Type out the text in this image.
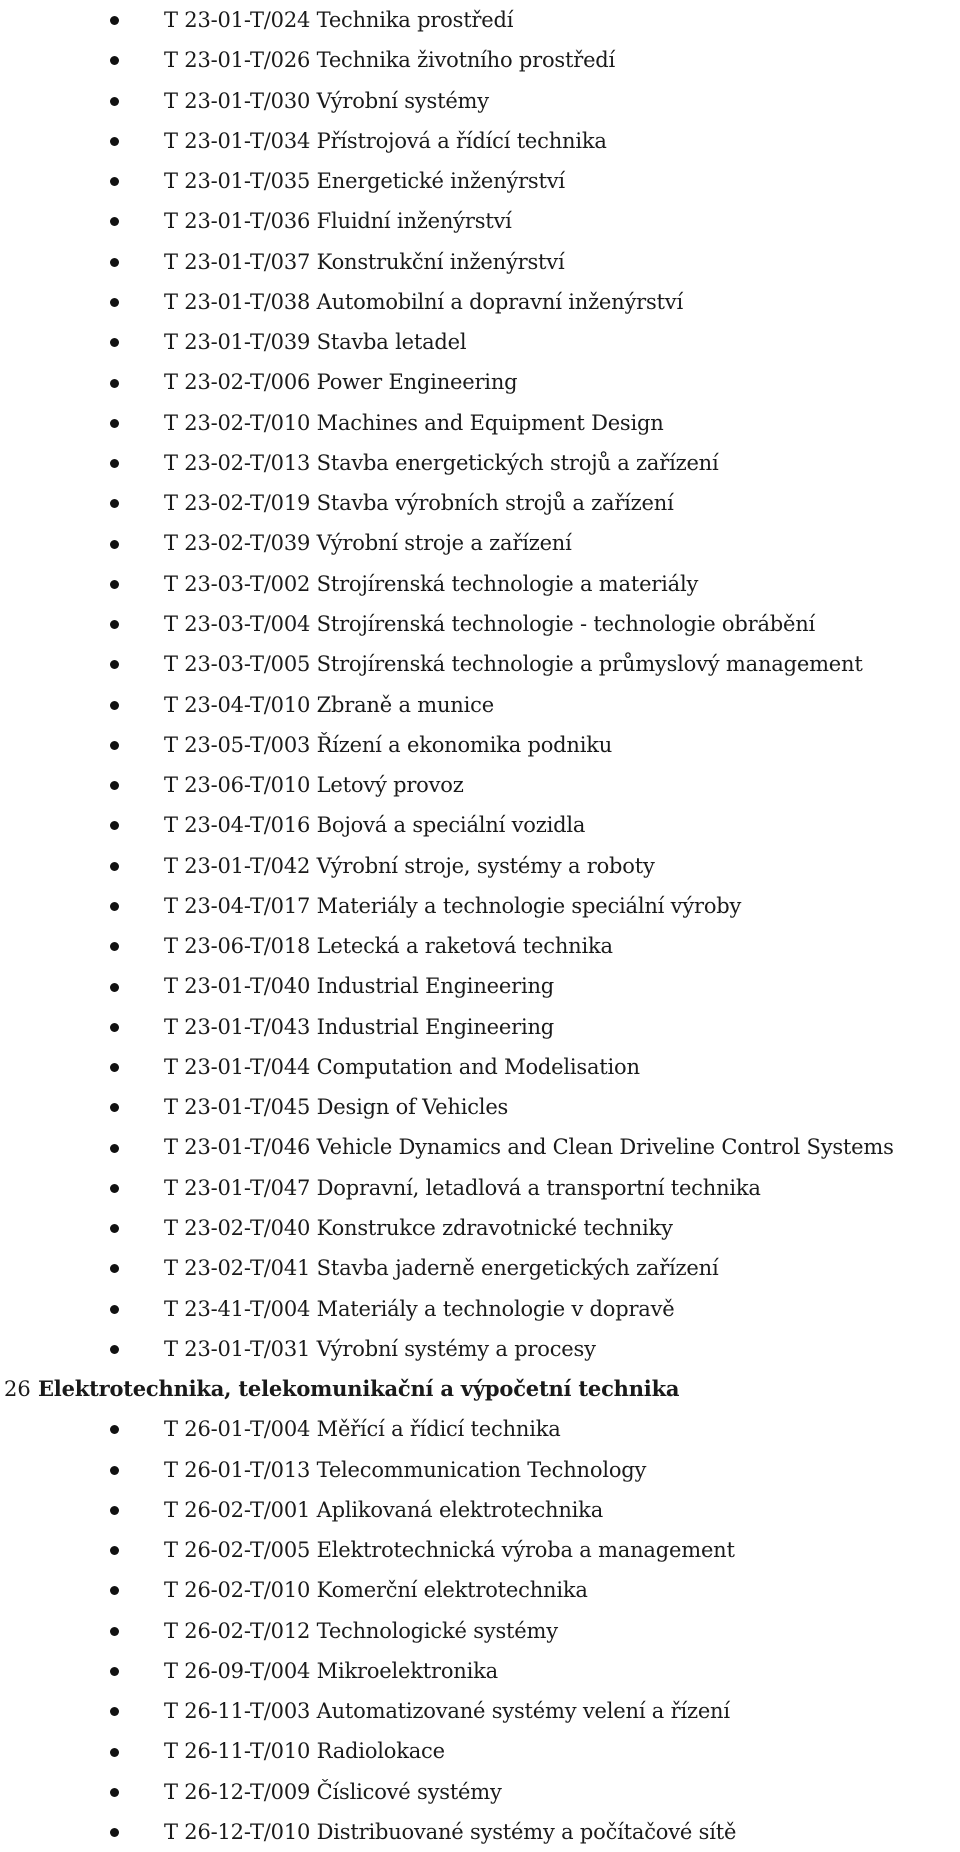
T 23-01-T/024 Technika prostředí
T 23-01-T/026 Technika životního prostředí
T 23-01-T/030 Výrobní systémy
T 23-01-T/034 Přístrojová a řídící technika
T 23-01-T/035 Energetické inženýrství
T 23-01-T/036 Fluidní inženýrství
T 23-01-T/037 Konstrukční inženýrství
T 23-01-T/038 Automobilní a dopravní inženýrství
T 23-01-T/039 Stavba letadel
T 23-02-T/006 Power Engineering
T 23-02-T/010 Machines and Equipment Design
T 23-02-T/013 Stavba energetických strojů a zařízení
T 23-02-T/019 Stavba výrobních strojů a zařízení
T 23-02-T/039 Výrobní stroje a zařízení
T 23-03-T/002 Strojírenská technologie a materiály
T 23-03-T/004 Strojírenská technologie - technologie obrábění
T 23-03-T/005 Strojírenská technologie a průmyslový management
T 23-04-T/010 Zbraně a munice
T 23-05-T/003 Řízení a ekonomika podniku
T 23-06-T/010 Letový provoz
T 23-04-T/016 Bojová a speciální vozidla
T 23-01-T/042 Výrobní stroje, systémy a roboty
T 23-04-T/017 Materiály a technologie speciální výroby
T 23-06-T/018 Letecká a raketová technika
T 23-01-T/040 Industrial Engineering
T 23-01-T/043 Industrial Engineering
T 23-01-T/044 Computation and Modelisation
T 23-01-T/045 Design of Vehicles
T 23-01-T/046 Vehicle Dynamics and Clean Driveline Control Systems
T 23-01-T/047 Dopravní, letadlová a transportní technika
T 23-02-T/040 Konstrukce zdravotnické techniky
T 23-02-T/041 Stavba jaderně energetických zařízení
T 23-41-T/004 Materiály a technologie v dopravě
T 23-01-T/031 Výrobní systémy a procesy
26 Elektrotechnika, telekomunikační a výpočetní technika
T 26-01-T/004 Měřící a řídicí technika
T 26-01-T/013 Telecommunication Technology
T 26-02-T/001 Aplikovaná elektrotechnika
T 26-02-T/005 Elektrotechnická výroba a management
T 26-02-T/010 Komerční elektrotechnika
T 26-02-T/012 Technologické systémy
T 26-09-T/004 Mikroelektronika
T 26-11-T/003 Automatizované systémy velení a řízení
T 26-11-T/010 Radiolokace
T 26-12-T/009 Číslicové systémy
T 26-12-T/010 Distribuované systémy a počítačové sítě
